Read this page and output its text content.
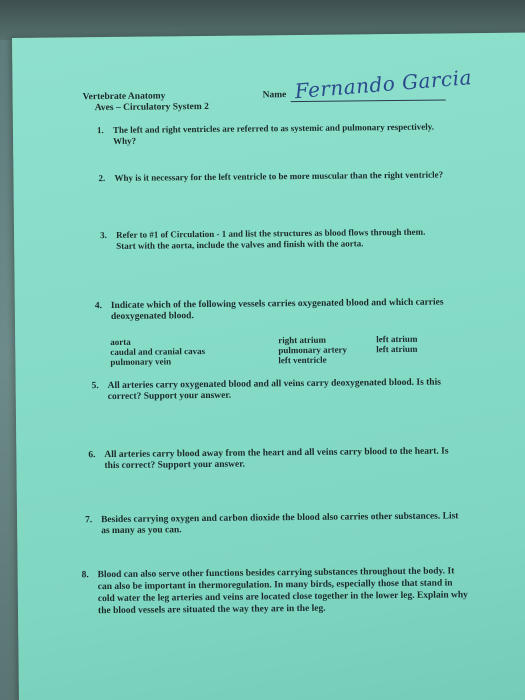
Vertebrate Anatomy
Aves – Circulatory System 2
Name Fernando Garcia
1. The left and right ventricles are referred to as systemic and pulmonary respectively. Why?
2. Why is it necessary for the left ventricle to be more muscular than the right ventricle?
3. Refer to #1 of Circulation - 1 and list the structures as blood flows through them. Start with the aorta, include the valves and finish with the aorta.
4. Indicate which of the following vessels carries oxygenated blood and which carries deoxygenated blood.
aorta
caudal and cranial cavas
pulmonary vein
right atrium
pulmonary artery
left ventricle
left atrium
left atrium
5. All arteries carry oxygenated blood and all veins carry deoxygenated blood. Is this correct? Support your answer.
6. All arteries carry blood away from the heart and all veins carry blood to the heart. Is this correct? Support your answer.
7. Besides carrying oxygen and carbon dioxide the blood also carries other substances. List as many as you can.
8. Blood can also serve other functions besides carrying substances throughout the body. It can also be important in thermoregulation. In many birds, especially those that stand in cold water the leg arteries and veins are located close together in the lower leg. Explain why the blood vessels are situated the way they are in the leg.
